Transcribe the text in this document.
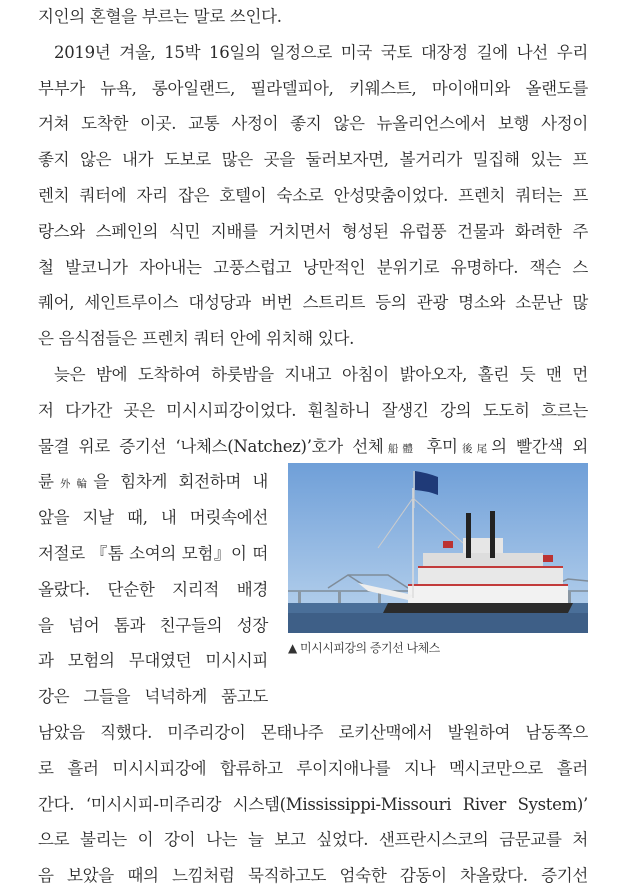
지인의 혼혈을 부르는 말로 쓰인다.
2019년 겨울, 15박 16일의 일정으로 미국 국토 대장정 길에 나선 우리
부부가 뉴욕, 롱아일랜드, 필라델피아, 키웨스트, 마이애미와 올랜도를
거쳐 도착한 이곳. 교통 사정이 좋지 않은 뉴올리언스에서 보행 사정이
좋지 않은 내가 도보로 많은 곳을 둘러보자면, 볼거리가 밀집해 있는 프
렌치 쿼터에 자리 잡은 호텔이 숙소로 안성맞춤이었다. 프렌치 쿼터는 프
랑스와 스페인의 식민 지배를 거치면서 형성된 유럽풍 건물과 화려한 주
철 발코니가 자아내는 고풍스럽고 낭만적인 분위기로 유명하다. 잭슨 스
퀘어, 세인트루이스 대성당과 버번 스트리트 등의 관광 명소와 소문난 많
은 음식점들은 프렌치 쿼터 안에 위치해 있다.
늦은 밤에 도착하여 하룻밤을 지내고 아침이 밝아오자, 홀린 듯 맨 먼
저 다가간 곳은 미시시피강이었다. 훤칠하니 잘생긴 강의 도도히 흐르는
물결 위로 증기선 ‘나체스(Natchez)’호가 선체船體 후미後尾의 빨간색 외
륜外輪을 힘차게 회전하며 내
앞을 지날 때, 내 머릿속에선
저절로 『톰 소여의 모험』이 떠
올랐다. 단순한 지리적 배경
을 넘어 톰과 친구들의 성장
과 모험의 무대였던 미시시피
강은 그들을 넉넉하게 품고도
남았음 직했다. 미주리강이 몬태나주 로키산맥에서 발원하여 남동쪽으
로 흘러 미시시피강에 합류하고 루이지애나를 지나 멕시코만으로 흘러
간다. ‘미시시피-미주리강 시스템(Mississippi-Missouri River System)’
으로 불리는 이 강이 나는 늘 보고 싶었다. 샌프란시스코의 금문교를 처
음 보았을 때의 느낌처럼 묵직하고도 엄숙한 감동이 차올랐다. 증기선
▲ 미시시피강의 증기선 나체스
